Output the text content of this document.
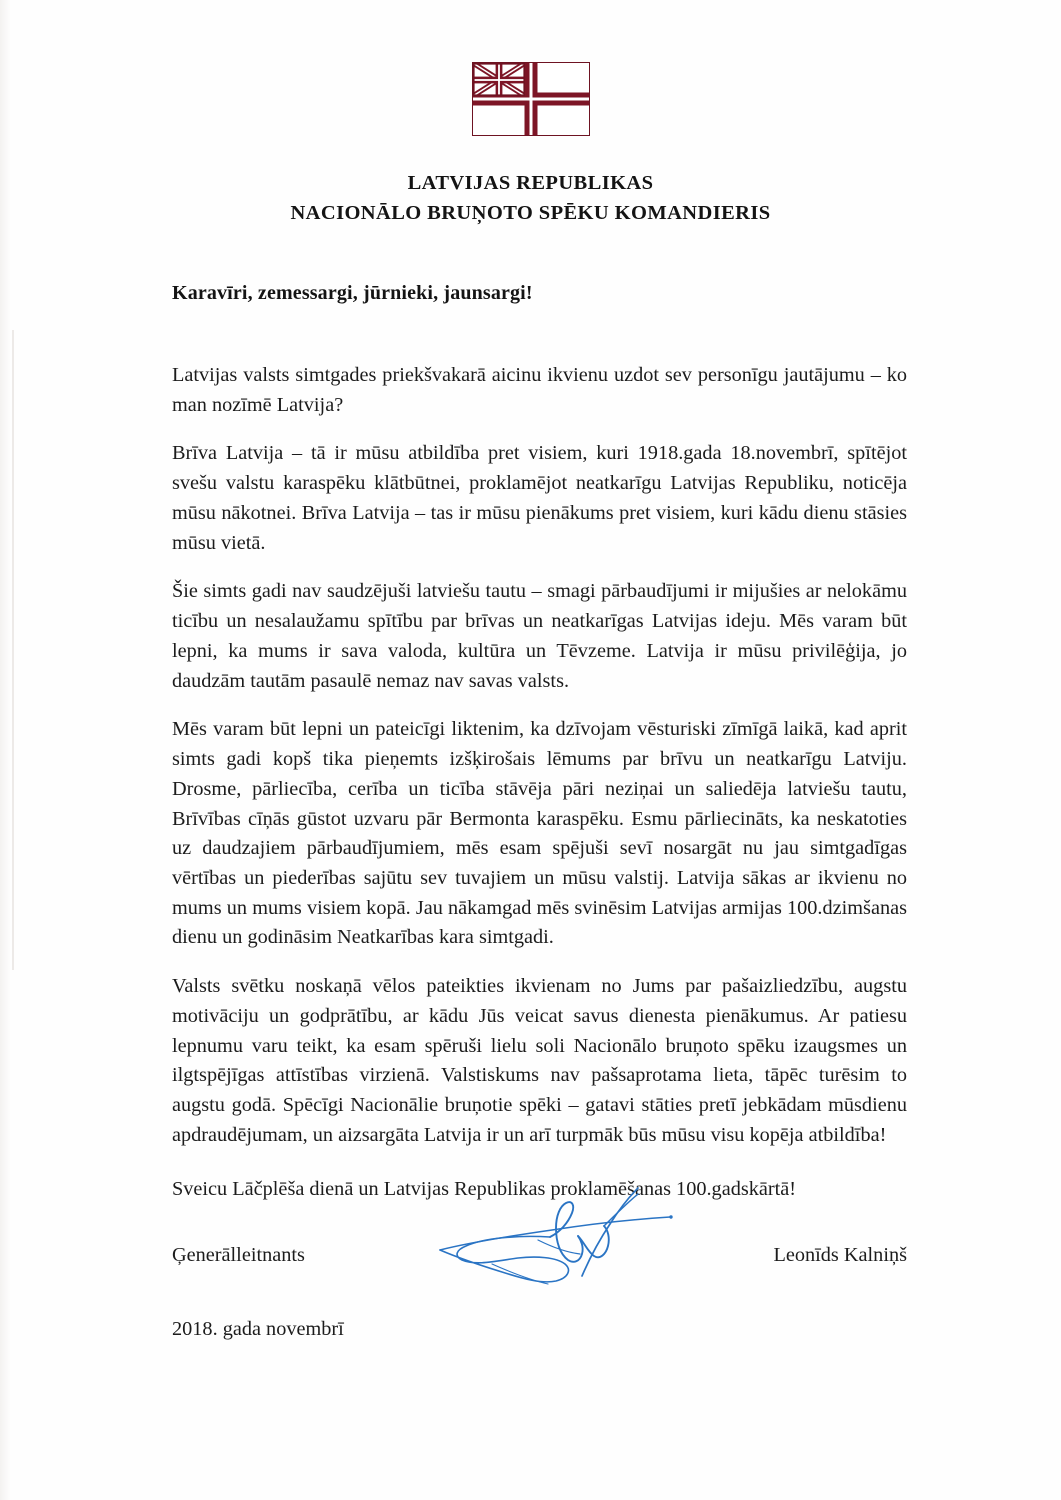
LATVIJAS REPUBLIKAS
NACIONĀLO BRUŅOTO SPĒKU KOMANDIERIS

Karavīri, zemessargi, jūrnieki, jaunsargi!

Latvijas valsts simtgades priekšvakarā aicinu ikvienu uzdot sev personīgu jautājumu – ko man nozīmē Latvija?

Brīva Latvija – tā ir mūsu atbildība pret visiem, kuri 1918.gada 18.novembrī, spītējot svešu valstu karaspēku klātbūtnei, proklamējot neatkarīgu Latvijas Republiku, noticēja mūsu nākotnei. Brīva Latvija – tas ir mūsu pienākums pret visiem, kuri kādu dienu stāsies mūsu vietā.

Šie simts gadi nav saudzējuši latviešu tautu – smagi pārbaudījumi ir mijušies ar nelokāmu ticību un nesalaužamu spītību par brīvas un neatkarīgas Latvijas ideju. Mēs varam būt lepni, ka mums ir sava valoda, kultūra un Tēvzeme. Latvija ir mūsu privilēģija, jo daudzām tautām pasaulē nemaz nav savas valsts.

Mēs varam būt lepni un pateicīgi liktenim, ka dzīvojam vēsturiski zīmīgā laikā, kad aprit simts gadi kopš tika pieņemts izšķirošais lēmums par brīvu un neatkarīgu Latviju. Drosme, pārliecība, cerība un ticība stāvēja pāri neziņai un saliedēja latviešu tautu, Brīvības cīņās gūstot uzvaru pār Bermonta karaspēku. Esmu pārliecināts, ka neskatoties uz daudzajiem pārbaudījumiem, mēs esam spējuši sevī nosargāt nu jau simtgadīgas vērtības un piederības sajūtu sev tuvajiem un mūsu valstij. Latvija sākas ar ikvienu no mums un mums visiem kopā. Jau nākamgad mēs svinēsim Latvijas armijas 100.dzimšanas dienu un godināsim Neatkarības kara simtgadi.

Valsts svētku noskaņā vēlos pateikties ikvienam no Jums par pašaizliedzību, augstu motivāciju un godprātību, ar kādu Jūs veicat savus dienesta pienākumus. Ar patiesu lepnumu varu teikt, ka esam spēruši lielu soli Nacionālo bruņoto spēku izaugsmes un ilgtspējīgas attīstības virzienā. Valstiskums nav pašsaprotama lieta, tāpēc turēsim to augstu godā. Spēcīgi Nacionālie bruņotie spēki – gatavi stāties pretī jebkādam mūsdienu apdraudējumam, un aizsargāta Latvija ir un arī turpmāk būs mūsu visu kopēja atbildība!

Sveicu Lāčplēša dienā un Latvijas Republikas proklamēšanas 100.gadskārtā!

Ģenerālleitnants	Leonīds Kalniņš
2018. gada novembrī
